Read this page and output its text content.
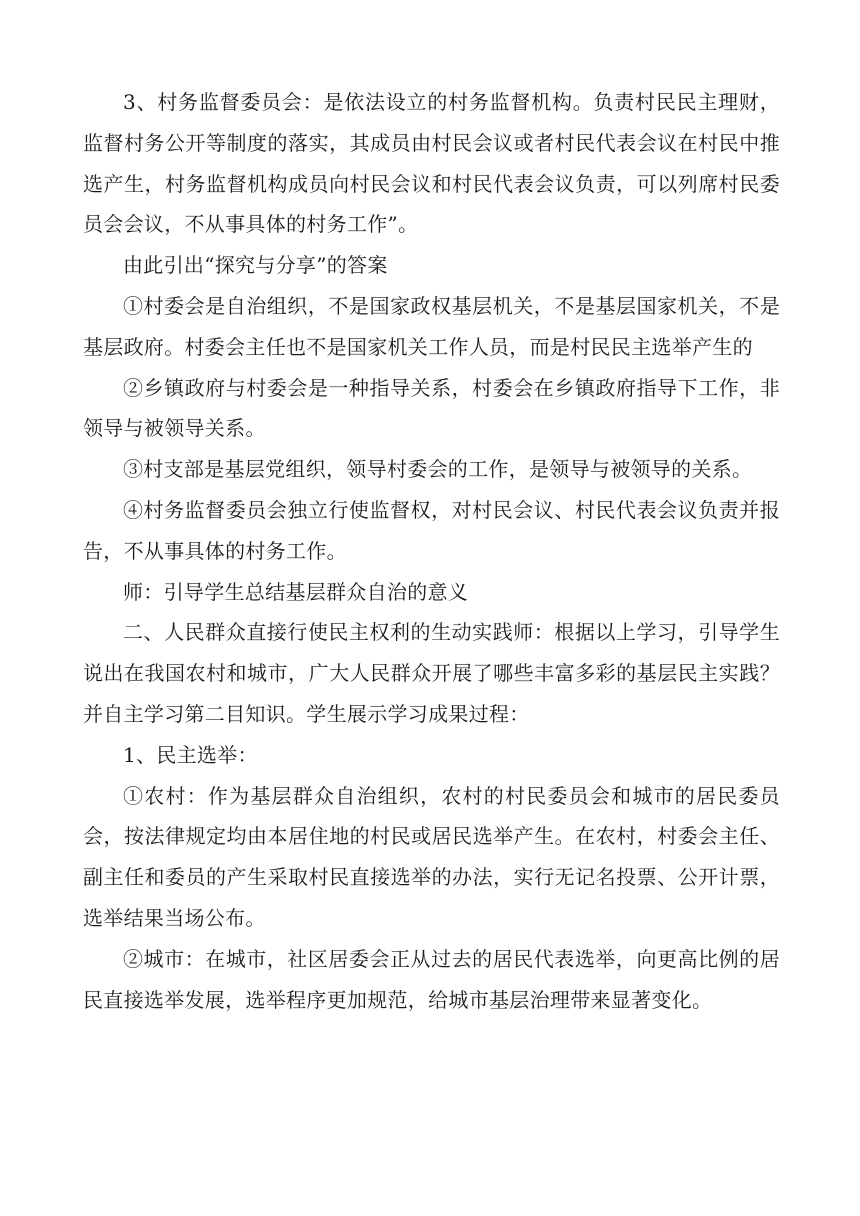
3、村务监督委员会：是依法设立的村务监督机构。负责村民民主理财，监督村务公开等制度的落实，其成员由村民会议或者村民代表会议在村民中推选产生，村务监督机构成员向村民会议和村民代表会议负责，可以列席村民委员会会议，不从事具体的村务工作”。

由此引出“探究与分享”的答案

①村委会是自治组织，不是国家政权基层机关，不是基层国家机关，不是基层政府。村委会主任也不是国家机关工作人员，而是村民民主选举产生的

②乡镇政府与村委会是一种指导关系，村委会在乡镇政府指导下工作，非领导与被领导关系。

③村支部是基层党组织，领导村委会的工作，是领导与被领导的关系。

④村务监督委员会独立行使监督权，对村民会议、村民代表会议负责并报告，不从事具体的村务工作。

师：引导学生总结基层群众自治的意义

二、人民群众直接行使民主权利的生动实践师：根据以上学习，引导学生说出在我国农村和城市，广大人民群众开展了哪些丰富多彩的基层民主实践？并自主学习第二目知识。学生展示学习成果过程：

1、民主选举：

①农村：作为基层群众自治组织，农村的村民委员会和城市的居民委员会，按法律规定均由本居住地的村民或居民选举产生。在农村，村委会主任、副主任和委员的产生采取村民直接选举的办法，实行无记名投票、公开计票，选举结果当场公布。

②城市：在城市，社区居委会正从过去的居民代表选举，向更高比例的居民直接选举发展，选举程序更加规范，给城市基层治理带来显著变化。
